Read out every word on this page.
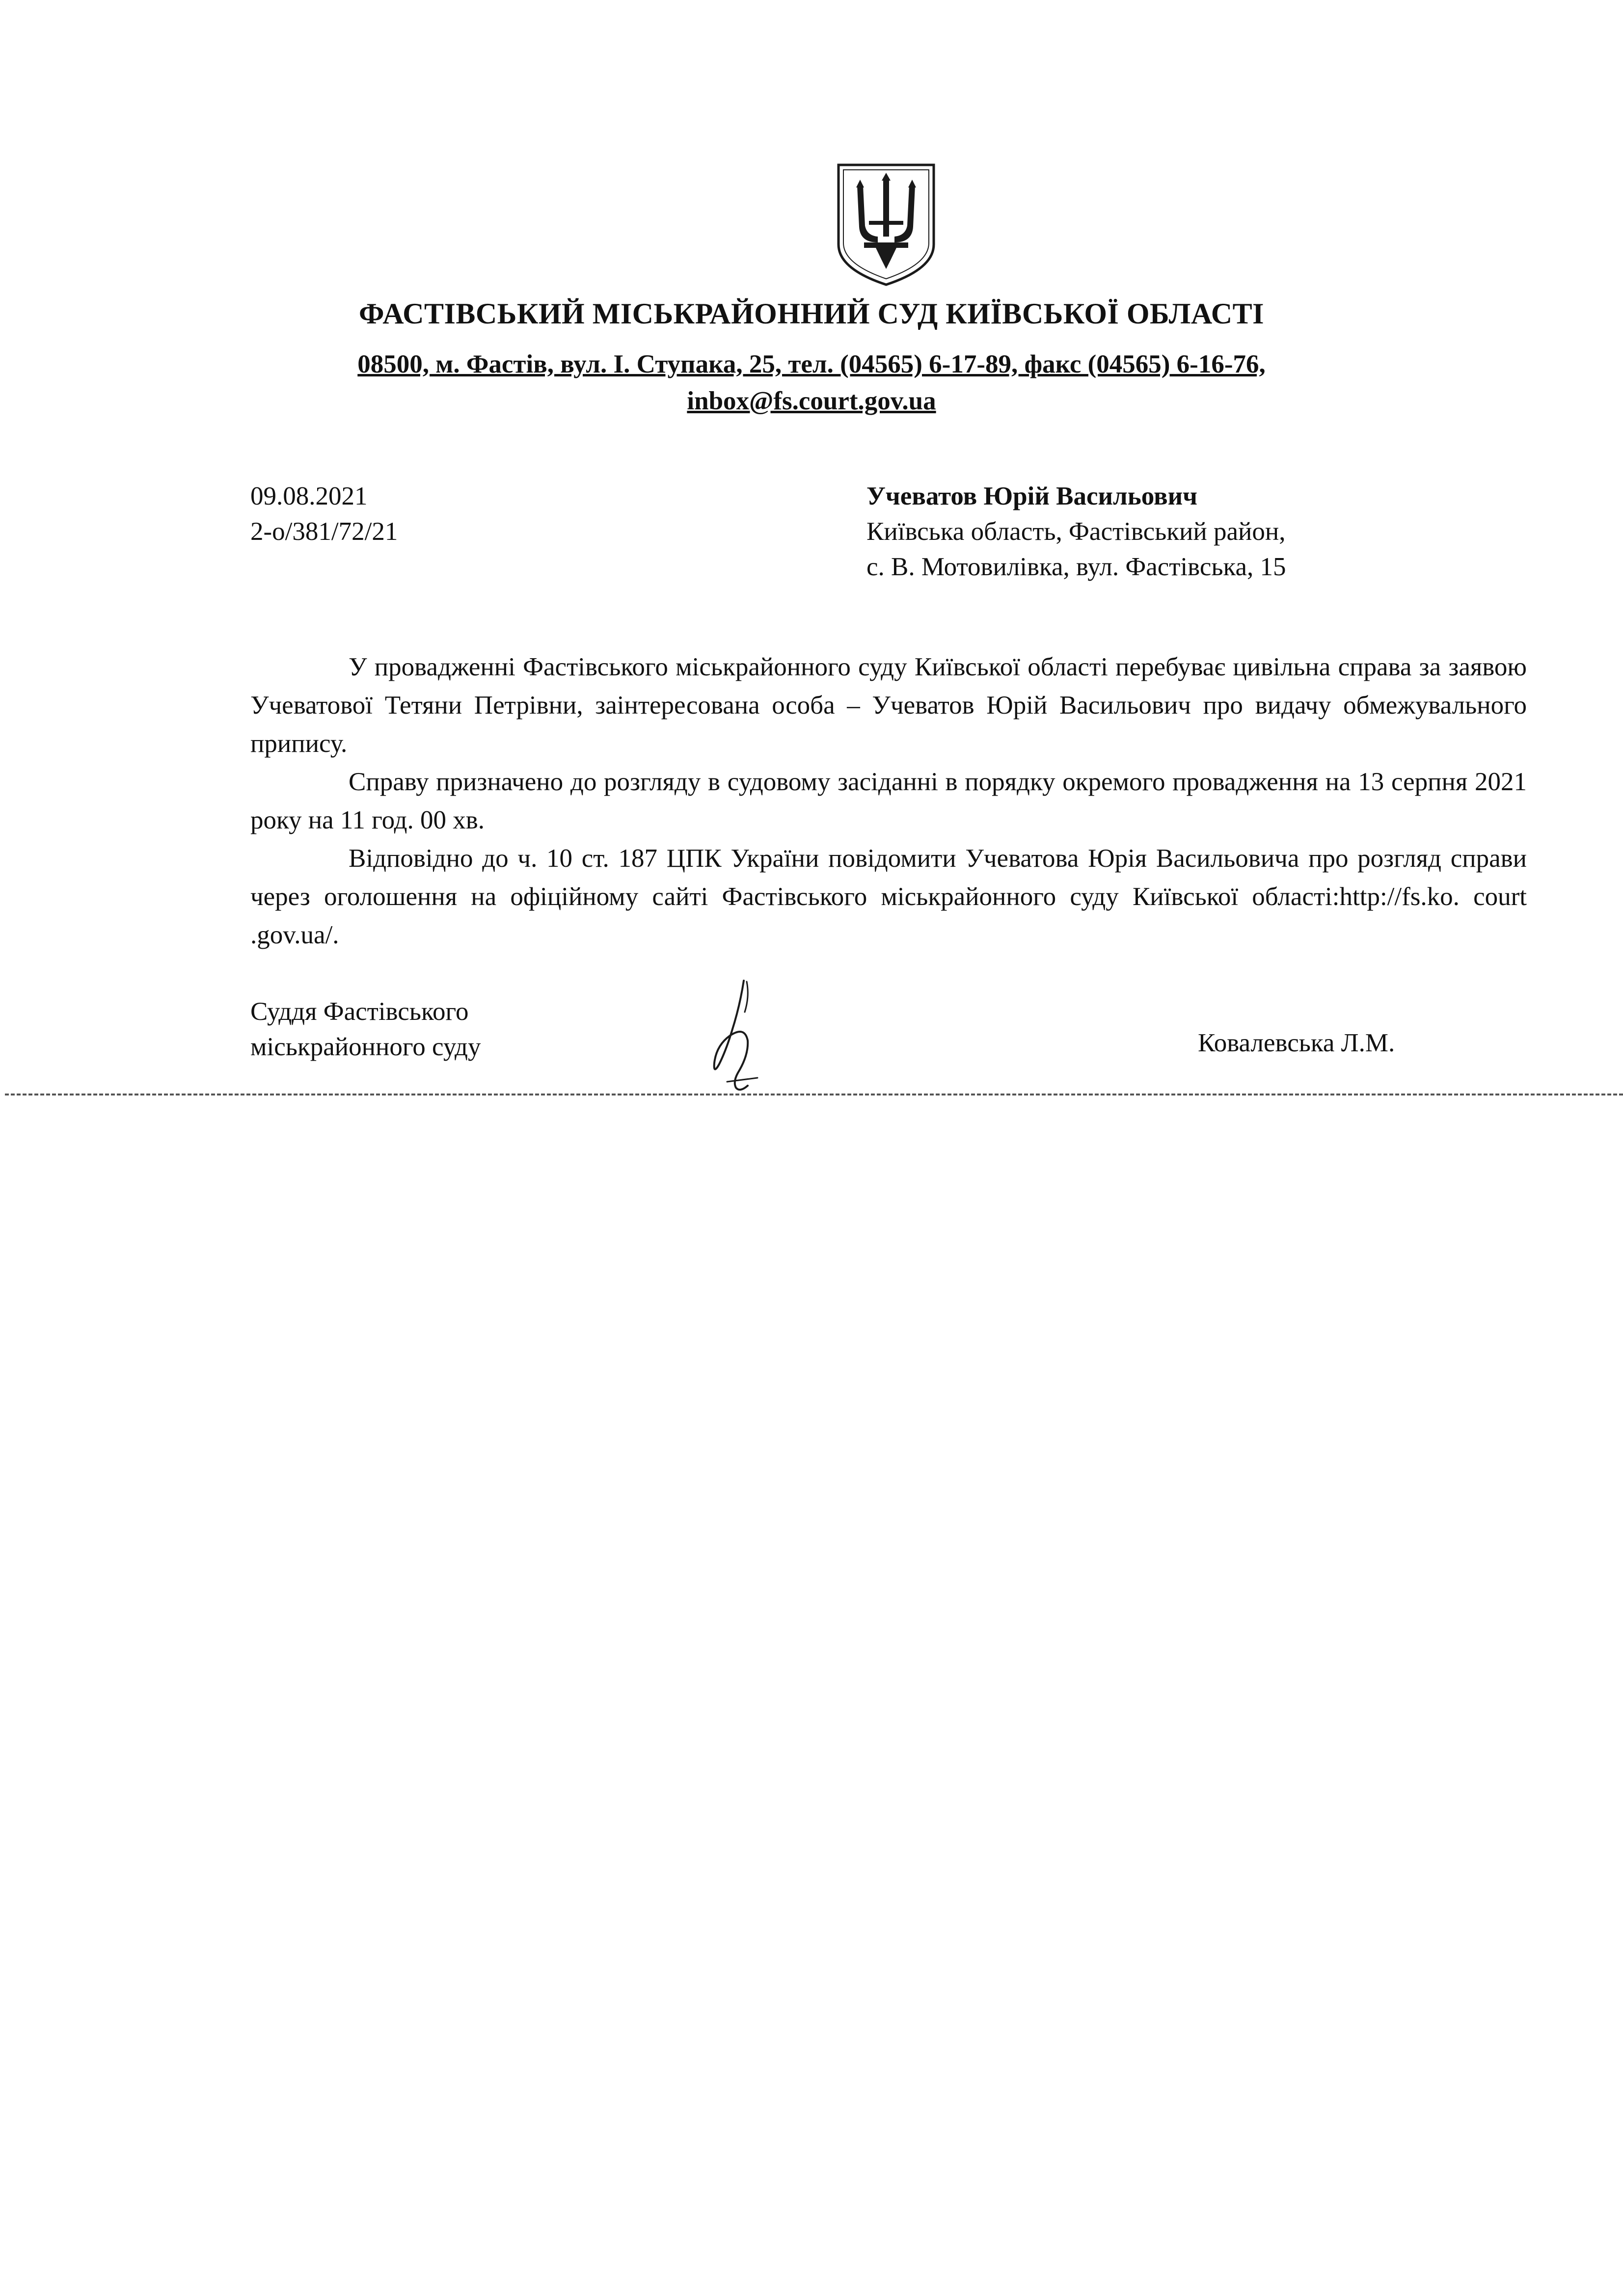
ФАСТІВСЬКИЙ МІСЬКРАЙОННИЙ СУД КИЇВСЬКОЇ ОБЛАСТІ
08500, м. Фастів, вул. І. Ступака, 25, тел. (04565) 6-17-89, факс (04565) 6-16-76,
inbox@fs.court.gov.ua
09.08.2021
2-о/381/72/21
Учеватов Юрій Васильович
Київська область, Фастівський район,
с. В. Мотовилівка, вул. Фастівська, 15

У провадженні Фастівського міськрайонного суду Київської області перебуває цивільна справа за заявою Учеватової Тетяни Петрівни, заінтересована особа – Учеватов Юрій Васильович про видачу обмежувального припису.

Справу призначено до розгляду в судовому засіданні в порядку окремого провадження на 13 серпня 2021 року на 11 год. 00 хв.

Відповідно до ч. 10 ст. 187 ЦПК України повідомити Учеватова Юрія Васильовича про розгляд справи через оголошення на офіційному сайті Фастівського міськрайонного суду Київської області:http://fs.ko. court .gov.ua/.

Суддя Фастівського
міськрайонного суду	Ковалевська Л.М.
